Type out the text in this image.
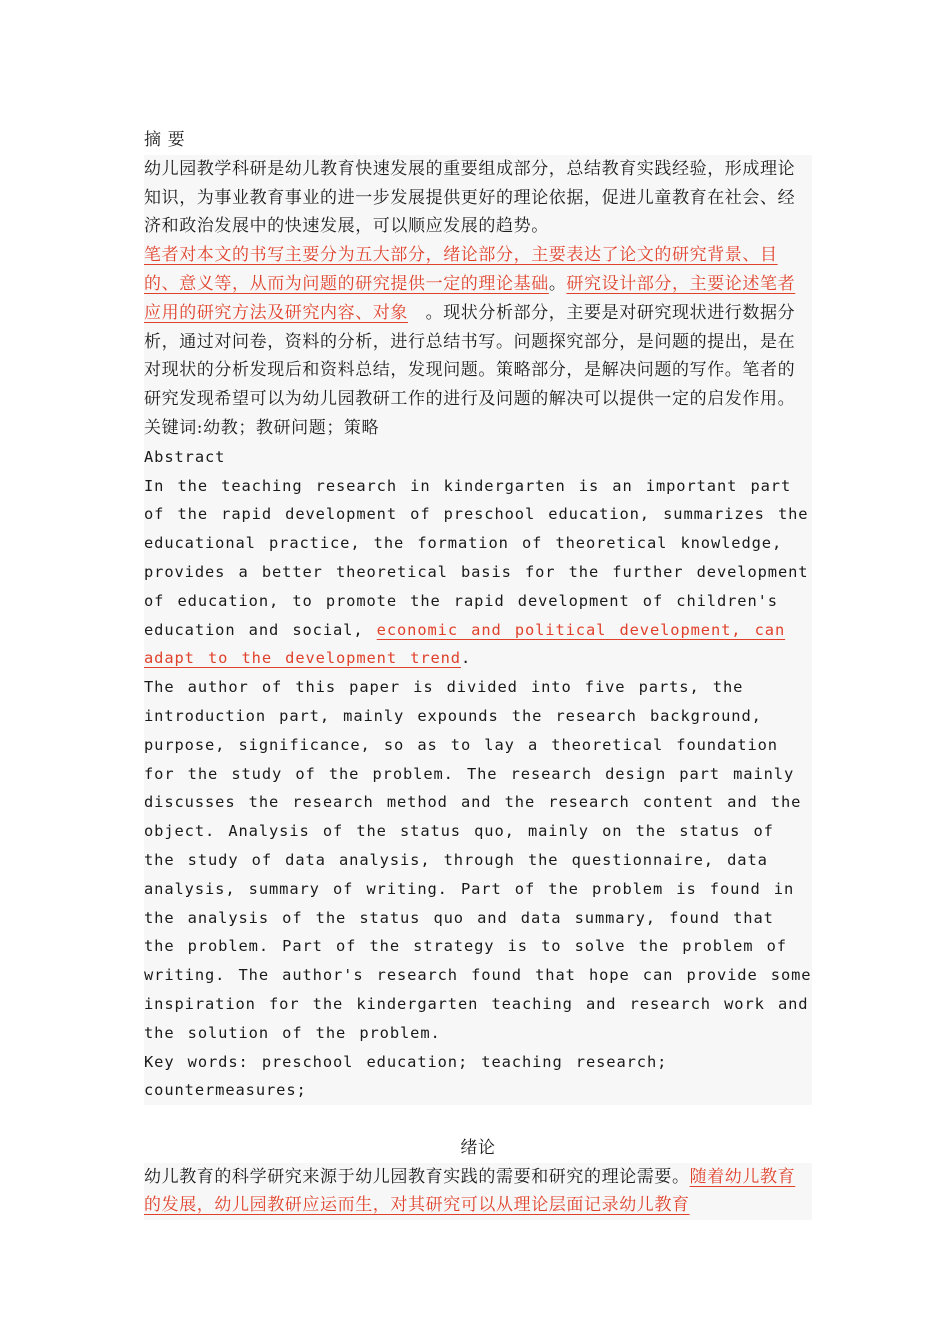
摘 要

幼儿园教学科研是幼儿教育快速发展的重要组成部分，总结教育实践经验，形成理论知识，为事业教育事业的进一步发展提供更好的理论依据，促进儿童教育在社会、经济和政治发展中的快速发展，可以顺应发展的趋势。

笔者对本文的书写主要分为五大部分，绪论部分，主要表达了论文的研究背景、目的、意义等，从而为问题的研究提供一定的理论基础。研究设计部分，主要论述笔者应用的研究方法及研究内容、对象　。现状分析部分，主要是对研究现状进行数据分析，通过对问卷，资料的分析，进行总结书写。问题探究部分，是问题的提出，是在对现状的分析发现后和资料总结，发现问题。策略部分，是解决问题的写作。笔者的研究发现希望可以为幼儿园教研工作的进行及问题的解决可以提供一定的启发作用。

关键词:幼教；教研问题；策略

Abstract

In the teaching research in kindergarten is an important part of the rapid development of preschool education, summarizes the educational practice, the formation of theoretical knowledge, provides a better theoretical basis for the further development of education, to promote the rapid development of children's education and social, economic and political development, can adapt to the development trend.

The author of this paper is divided into five parts, the introduction part, mainly expounds the research background, purpose, significance, so as to lay a theoretical foundation for the study of the problem. The research design part mainly discusses the research method and the research content and the object. Analysis of the status quo, mainly on the status of the study of data analysis, through the questionnaire, data analysis, summary of writing. Part of the problem is found in the analysis of the status quo and data summary, found that the problem. Part of the strategy is to solve the problem of writing. The author's research found that hope can provide some inspiration for the kindergarten teaching and research work and the solution of the problem.

Key words: preschool education; teaching research; countermeasures;

绪论

幼儿教育的科学研究来源于幼儿园教育实践的需要和研究的理论需要。随着幼儿教育的发展，幼儿园教研应运而生，对其研究可以从理论层面记录幼儿教育
